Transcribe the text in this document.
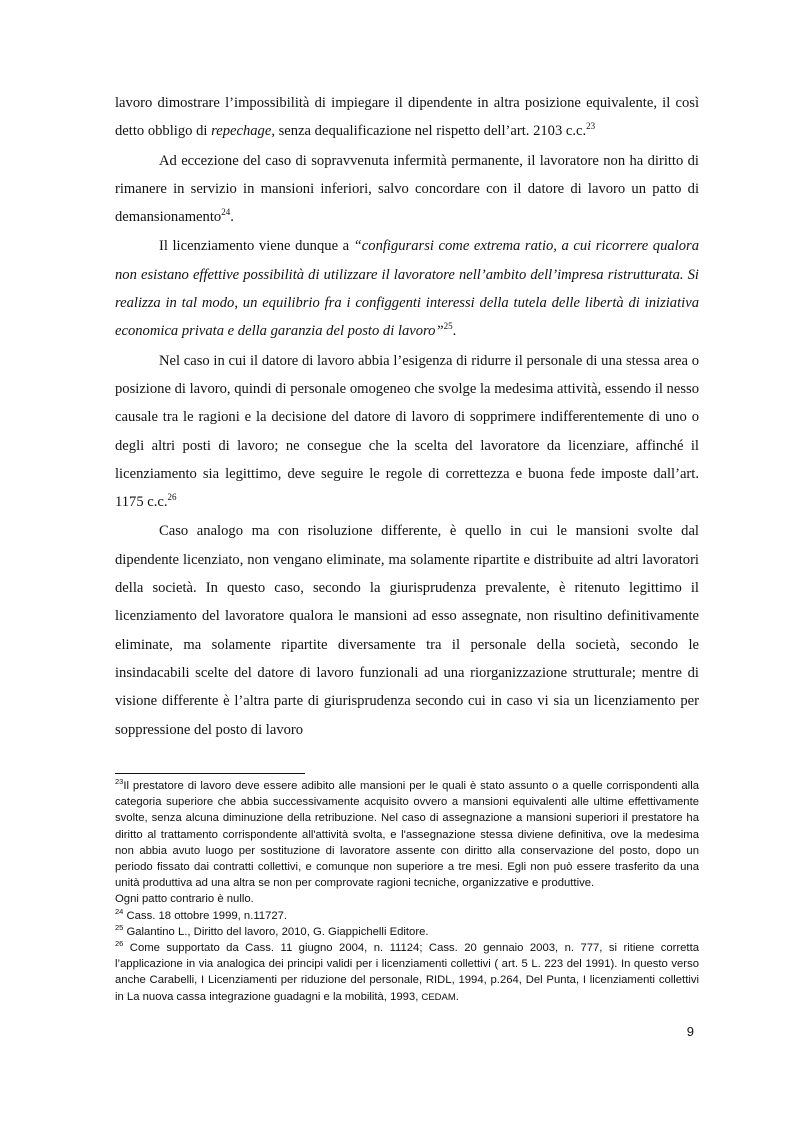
lavoro dimostrare l’impossibilità di impiegare il dipendente in altra posizione equivalente, il così detto obbligo di repechage, senza dequalificazione nel rispetto dell’art. 2103 c.c.$^{23}$

Ad eccezione del caso di sopravvenuta infermità permanente, il lavoratore non ha diritto di rimanere in servizio in mansioni inferiori, salvo concordare con il datore di lavoro un patto di demansionamento$^{24}$.

Il licenziamento viene dunque a “configurarsi come extrema ratio, a cui ricorrere qualora non esistano effettive possibilità di utilizzare il lavoratore nell’ambito dell’impresa ristrutturata. Si realizza in tal modo, un equilibrio fra i configgenti interessi della tutela delle libertà di iniziativa economica privata e della garanzia del posto di lavoro”$^{25}$.

Nel caso in cui il datore di lavoro abbia l’esigenza di ridurre il personale di una stessa area o posizione di lavoro, quindi di personale omogeneo che svolge la medesima attività, essendo il nesso causale tra le ragioni e la decisione del datore di lavoro di sopprimere indifferentemente di uno o degli altri posti di lavoro; ne consegue che la scelta del lavoratore da licenziare, affinché il licenziamento sia legittimo, deve seguire le regole di correttezza e buona fede imposte dall’art. 1175 c.c.$^{26}$

Caso analogo ma con risoluzione differente, è quello in cui le mansioni svolte dal dipendente licenziato, non vengano eliminate, ma solamente ripartite e distribuite ad altri lavoratori della società. In questo caso, secondo la giurisprudenza prevalente, è ritenuto legittimo il licenziamento del lavoratore qualora le mansioni ad esso assegnate, non risultino definitivamente eliminate, ma solamente ripartite diversamente tra il personale della società, secondo le insindacabili scelte del datore di lavoro funzionali ad una riorganizzazione strutturale; mentre di visione differente è l’altra parte di giurisprudenza secondo cui in caso vi sia un licenziamento per soppressione del posto di lavoro

$^{23}$Il prestatore di lavoro deve essere adibito alle mansioni per le quali è stato assunto o a quelle corrispondenti alla categoria superiore che abbia successivamente acquisito ovvero a mansioni equivalenti alle ultime effettivamente svolte, senza alcuna diminuzione della retribuzione. Nel caso di assegnazione a mansioni superiori il prestatore ha diritto al trattamento corrispondente all'attività svolta, e l'assegnazione stessa diviene definitiva, ove la medesima non abbia avuto luogo per sostituzione di lavoratore assente con diritto alla conservazione del posto, dopo un periodo fissato dai contratti collettivi, e comunque non superiore a tre mesi. Egli non può essere trasferito da una unità produttiva ad una altra se non per comprovate ragioni tecniche, organizzative e produttive.

Ogni patto contrario è nullo.

$^{24}$ Cass. 18 ottobre 1999, n.11727.

$^{25}$ Galantino L., Diritto del lavoro, 2010, G. Giappichelli Editore.

$^{26}$ Come supportato da Cass. 11 giugno 2004, n. 11124; Cass. 20 gennaio 2003, n. 777, si ritiene corretta l’applicazione in via analogica dei principi validi per i licenziamenti collettivi ( art. 5 L. 223 del 1991). In questo verso anche Carabelli, I Licenziamenti per riduzione del personale, RIDL, 1994, p.264, Del Punta, I licenziamenti collettivi in La nuova cassa integrazione guadagni e la mobilità, 1993, CEDAM.

9
